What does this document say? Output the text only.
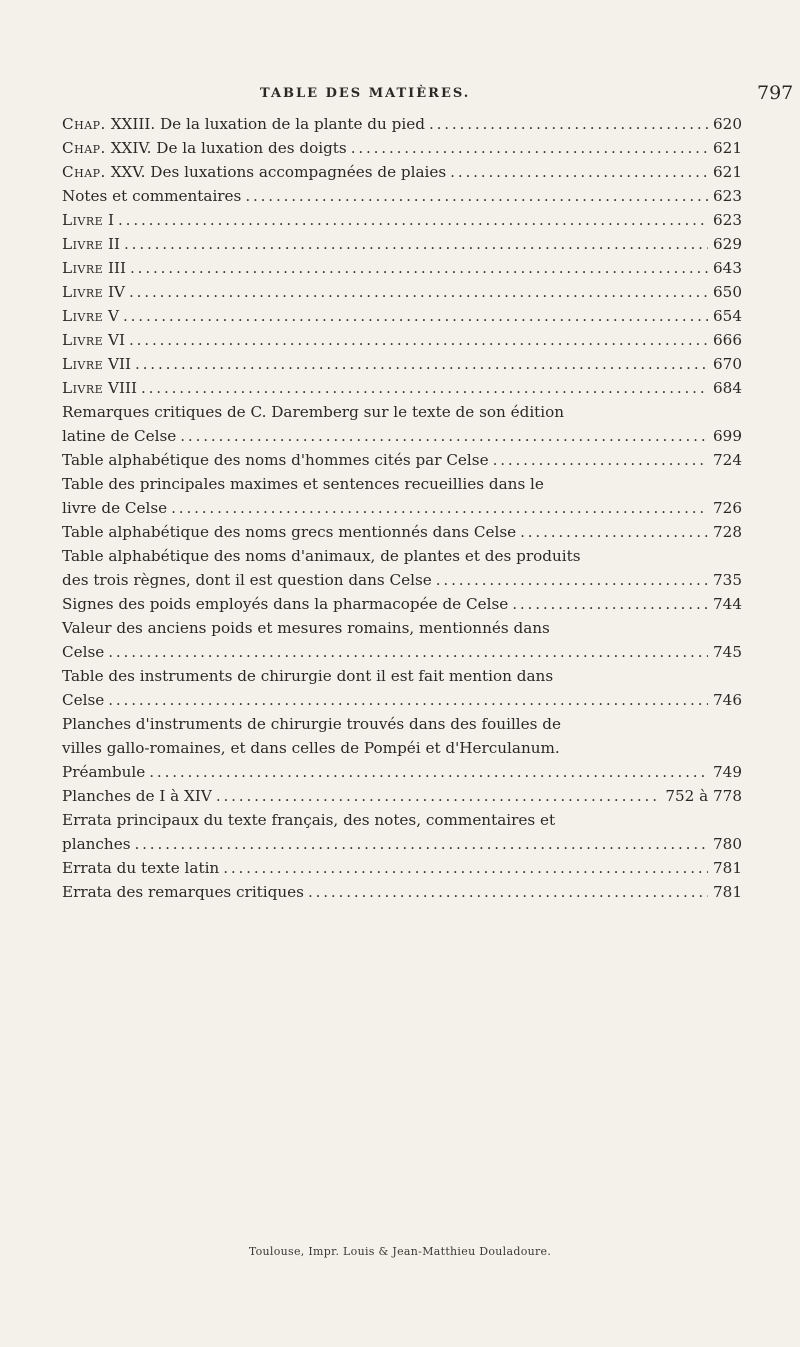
TABLE DES MATIÈRES.	797
Chap. XXIII. De la luxation de la plante du pied . . .	620
Chap. XXIV. De la luxation des doigts . . .	621
Chap. XXV. Des luxations accompagnées de plaies . . .	621
Notes et commentaires . . .	623
Livre I . . .	623
Livre II . . .	629
Livre III . . .	643
Livre IV . . .	650
Livre V . . .	654
Livre VI . . .	666
Livre VII . . .	670
Livre VIII . . .	684
Remarques critiques de C. Daremberg sur le texte de son édition
latine de Celse . . .	699
Table alphabétique des noms d'hommes cités par Celse . . .	724
Table des principales maximes et sentences recueillies dans le
livre de Celse . . .	726
Table alphabétique des noms grecs mentionnés dans Celse . . .	728
Table alphabétique des noms d'animaux, de plantes et des produits
des trois règnes, dont il est question dans Celse . . .	735
Signes des poids employés dans la pharmacopée de Celse . . .	744
Valeur des anciens poids et mesures romains, mentionnés dans
Celse . . .	745
Table des instruments de chirurgie dont il est fait mention dans
Celse . . .	746
Planches d'instruments de chirurgie trouvés dans des fouilles de
villes gallo-romaines, et dans celles de Pompéi et d'Herculanum.
Préambule . . .	749
Planches de I à XIV . . .	752 à 778
Errata principaux du texte français, des notes, commentaires et
planches . . .	780
Errata du texte latin . . .	781
Errata des remarques critiques . . .	781
Toulouse, Impr. Louis & Jean-Matthieu Douladoure.
